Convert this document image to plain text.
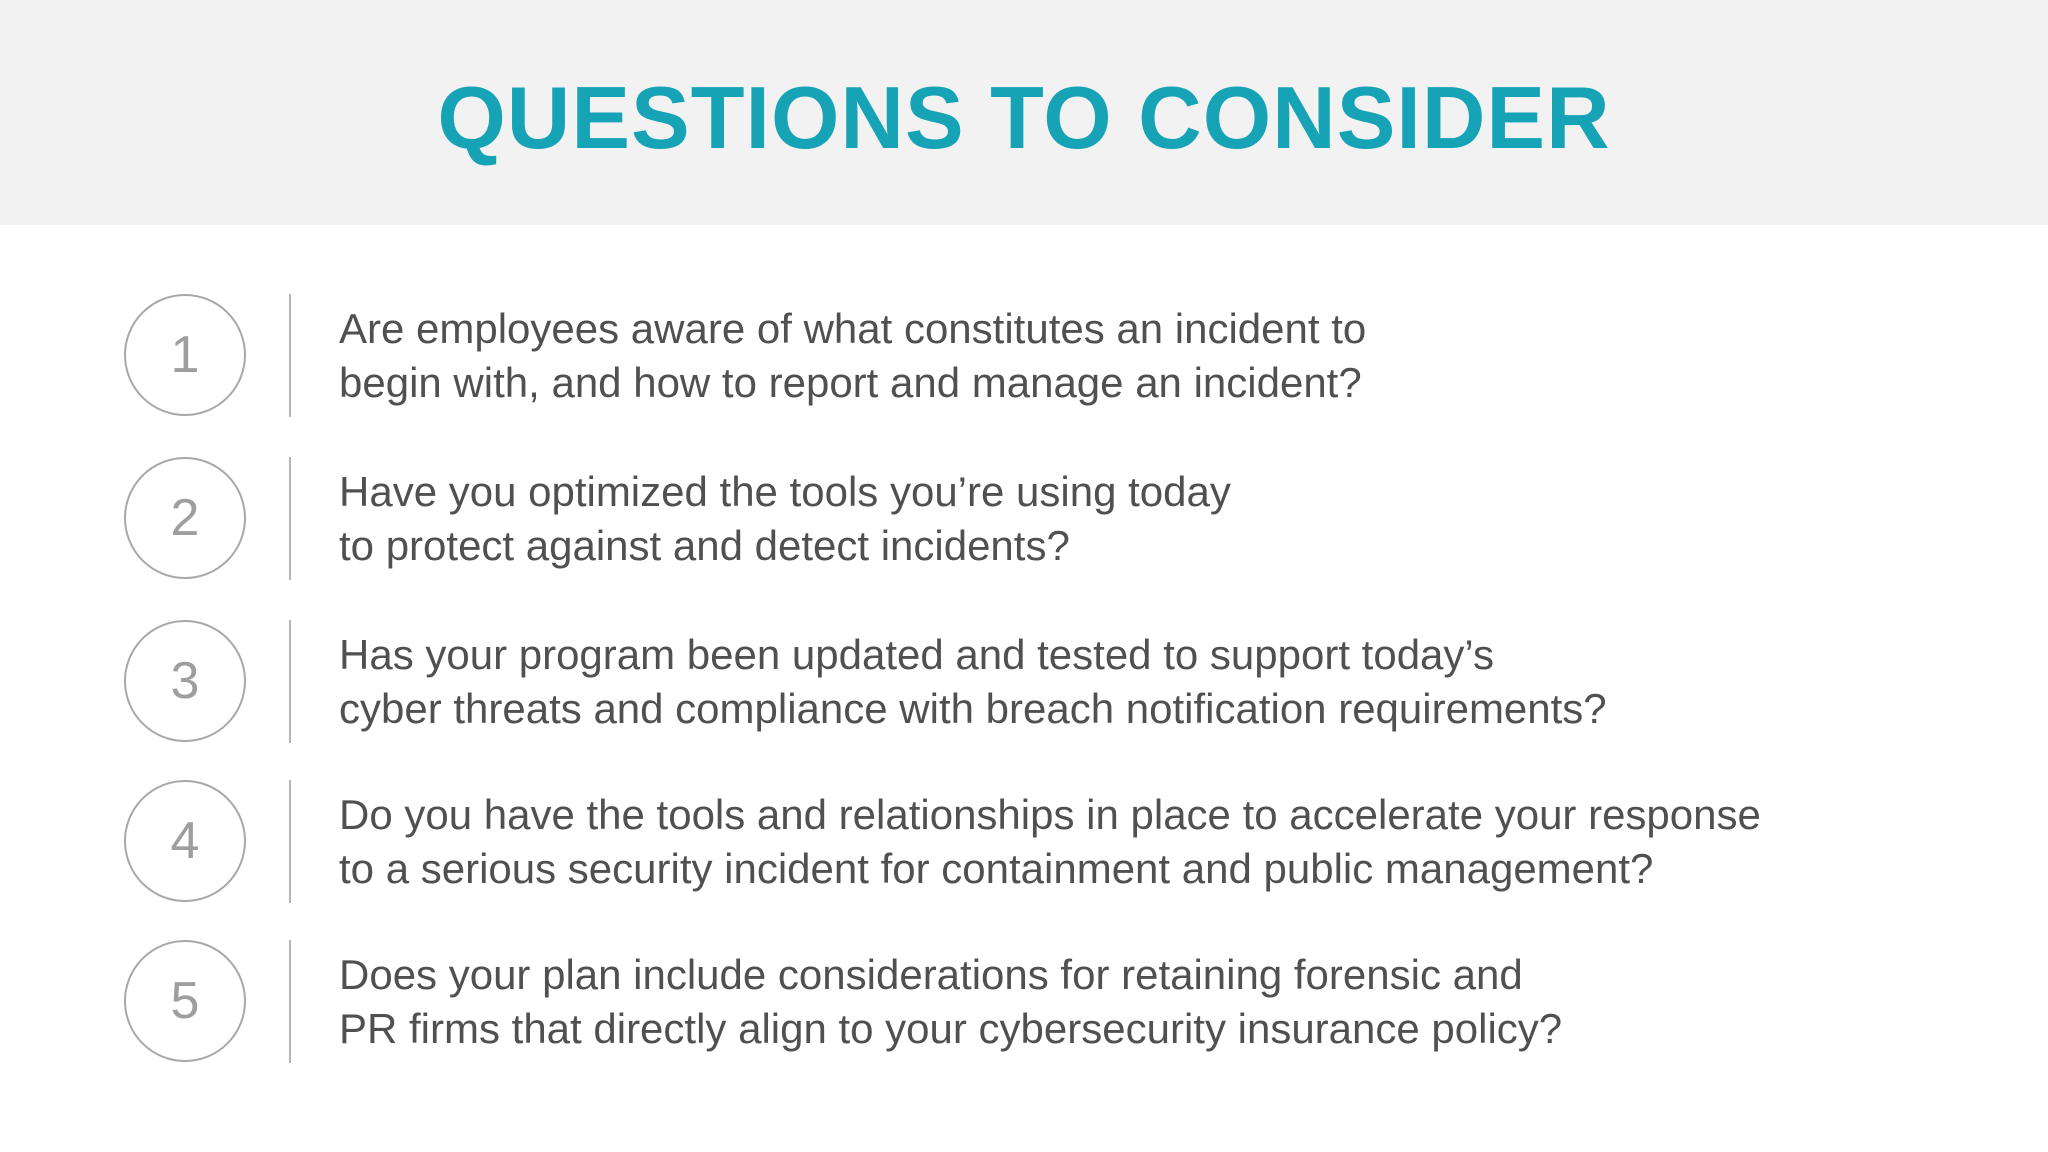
QUESTIONS TO CONSIDER
1	Are employees aware of what constitutes an incident to
begin with, and how to report and manage an incident?
2	Have you optimized the tools you’re using today
to protect against and detect incidents?
3	Has your program been updated and tested to support today’s
cyber threats and compliance with breach notification requirements?
4	Do you have the tools and relationships in place to accelerate your response
to a serious security incident for containment and public management?
5	Does your plan include considerations for retaining forensic and
PR firms that directly align to your cybersecurity insurance policy?
